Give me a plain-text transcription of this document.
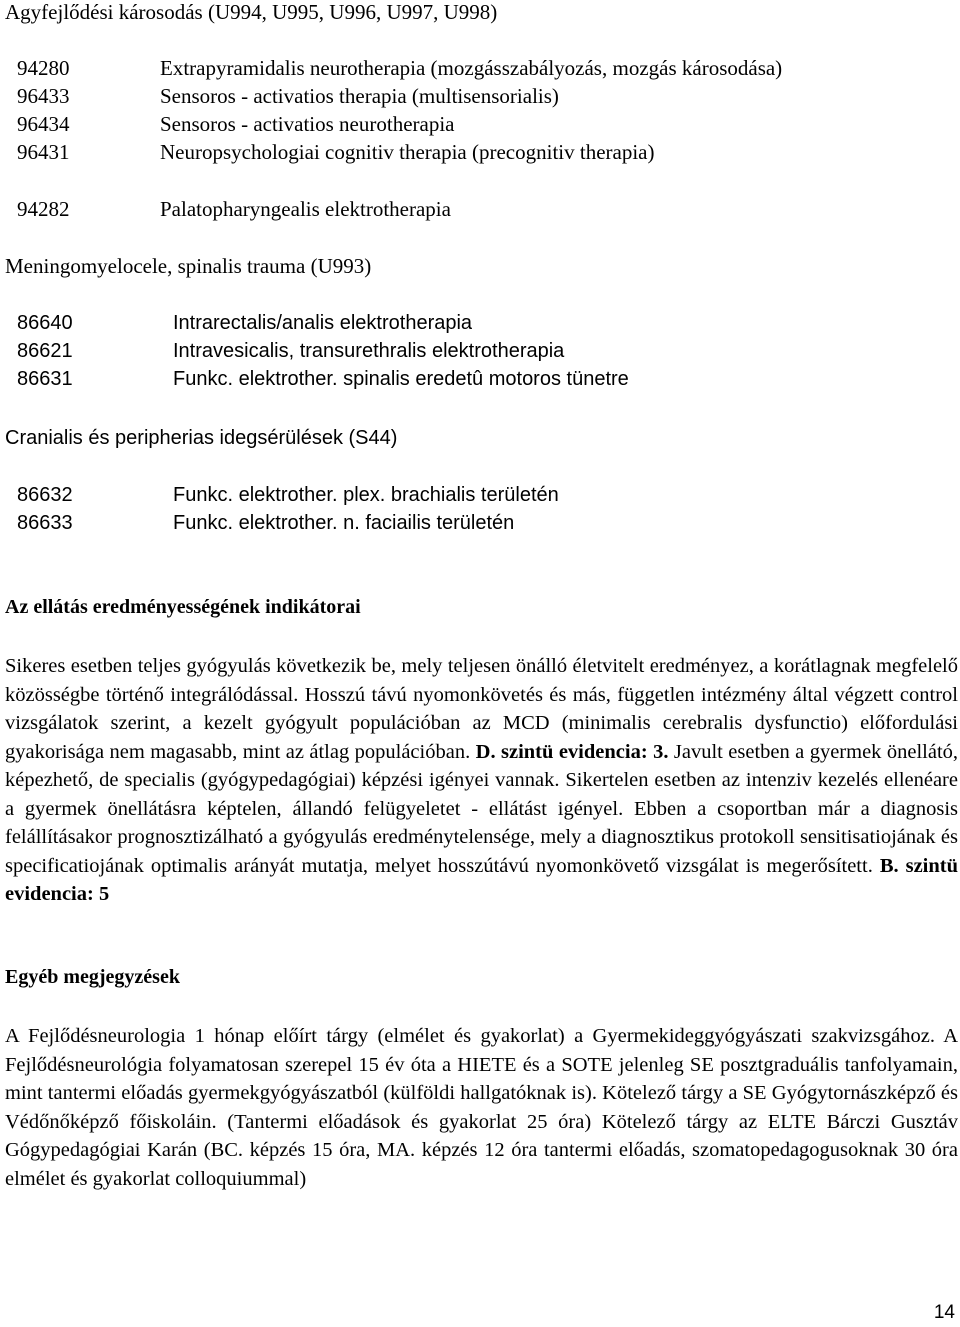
Agyfejlődési károsodás (U994, U995, U996, U997, U998)
94280	Extrapyramidalis neurotherapia (mozgásszabályozás, mozgás károsodása)
96433	Sensoros - activatios therapia (multisensorialis)
96434	Sensoros - activatios neurotherapia
96431	Neuropsychologiai cognitiv therapia (precognitiv therapia)
94282	Palatopharyngealis elektrotherapia
Meningomyelocele, spinalis trauma (U993)
86640	Intrarectalis/analis elektrotherapia
86621	Intravesicalis, transurethralis elektrotherapia
86631	Funkc. elektrother. spinalis eredetû motoros tünetre
Cranialis és peripherias idegsérülések (S44)
86632	Funkc. elektrother. plex. brachialis területén
86633	Funkc. elektrother. n. faciailis területén
Az ellátás eredményességének indikátorai
Sikeres esetben teljes gyógyulás következik be, mely teljesen önálló életvitelt eredményez, a korátlagnak megfelelő közösségbe történő integrálódással. Hosszú távú nyomonkövetés és más, független intézmény által végzett control vizsgálatok szerint, a kezelt gyógyult populációban az MCD (minimalis cerebralis dysfunctio) előfordulási gyakorisága nem magasabb, mint az átlag populációban. D. szintü evidencia: 3. Javult esetben a gyermek önellátó, képezhető, de specialis (gyógypedagógiai) képzési igényei vannak. Sikertelen esetben az intenziv kezelés ellenéare a gyermek önellátásra képtelen, állandó felügyeletet - ellátást igényel. Ebben a csoportban már a diagnosis felállításakor prognosztizálható a gyógyulás eredménytelensége, mely a diagnosztikus protokoll sensitisatiojának és specificatiojának optimalis arányát mutatja, melyet hosszútávú nyomonkövető vizsgálat is megerősített. B. szintü evidencia: 5
Egyéb megjegyzések
A Fejlődésneurologia 1 hónap előírt tárgy (elmélet és gyakorlat) a Gyermekideggyógyászati szakvizsgához. A Fejlődésneurológia folyamatosan szerepel 15 év óta a HIETE és a SOTE jelenleg SE posztgraduális tanfolyamain, mint tantermi előadás gyermekgyógyászatból (külföldi hallgatóknak is). Kötelező tárgy a SE Gyógytornászképző és Védőnőképző főiskoláin. (Tantermi előadások és gyakorlat 25 óra) Kötelező tárgy az ELTE Bárczi Gusztáv Gógypedagógiai Karán (BC. képzés 15 óra, MA. képzés 12 óra tantermi előadás, szomatopedagogusoknak 30 óra elmélet és gyakorlat colloquiummal)
14
